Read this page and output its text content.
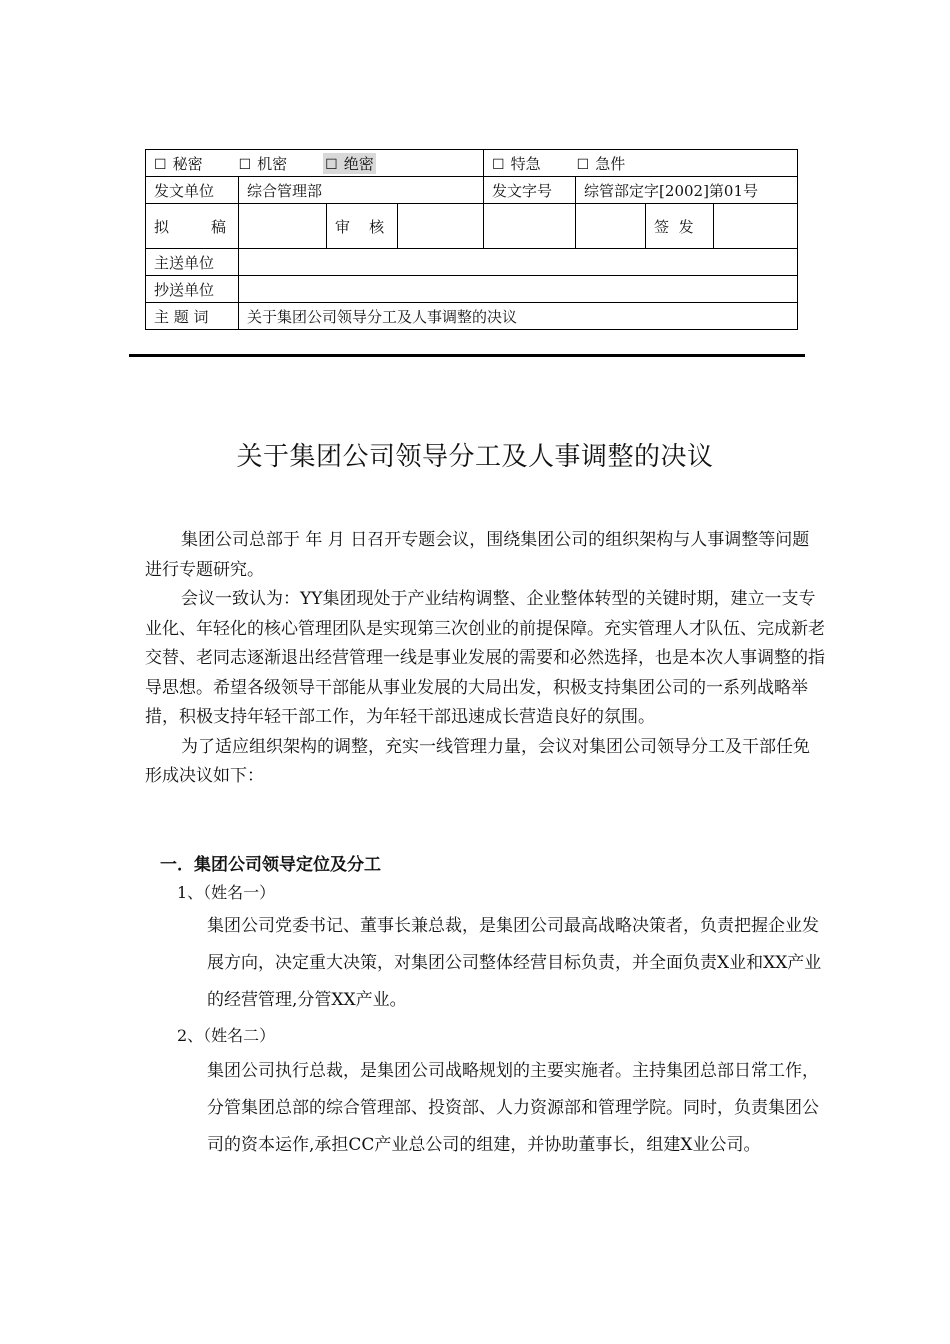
☐ 秘密 ☐ 机密 ☐ 绝密				☐ 特急 ☐ 急件			
发文单位	综合管理部			发文字号	综管部定字[2002]第01号		

拟 稿		审 核				签 发	
主送单位							
抄送单位							
主 题 词	关于集团公司领导分工及人事调整的决议						
关于集团公司领导分工及人事调整的决议

集团公司总部于 年 月 日召开专题会议，围绕集团公司的组织架构与人事调整等问题进行专题研究。

会议一致认为：YY集团现处于产业结构调整、企业整体转型的关键时期，建立一支专业化、年轻化的核心管理团队是实现第三次创业的前提保障。充实管理人才队伍、完成新老交替、老同志逐渐退出经营管理一线是事业发展的需要和必然选择，也是本次人事调整的指导思想。希望各级领导干部能从事业发展的大局出发，积极支持集团公司的一系列战略举措，积极支持年轻干部工作，为年轻干部迅速成长营造良好的氛围。

为了适应组织架构的调整，充实一线管理力量，会议对集团公司领导分工及干部任免形成决议如下：

一．集团公司领导定位及分工
1、（姓名一）
集团公司党委书记、董事长兼总裁，是集团公司最高战略决策者，负责把握企业发展方向，决定重大决策，对集团公司整体经营目标负责，并全面负责X业和XX产业的经营管理,分管XX产业。
2、（姓名二）
集团公司执行总裁，是集团公司战略规划的主要实施者。主持集团总部日常工作，分管集团总部的综合管理部、投资部、人力资源部和管理学院。同时，负责集团公司的资本运作,承担CC产业总公司的组建，并协助董事长，组建X业公司。
